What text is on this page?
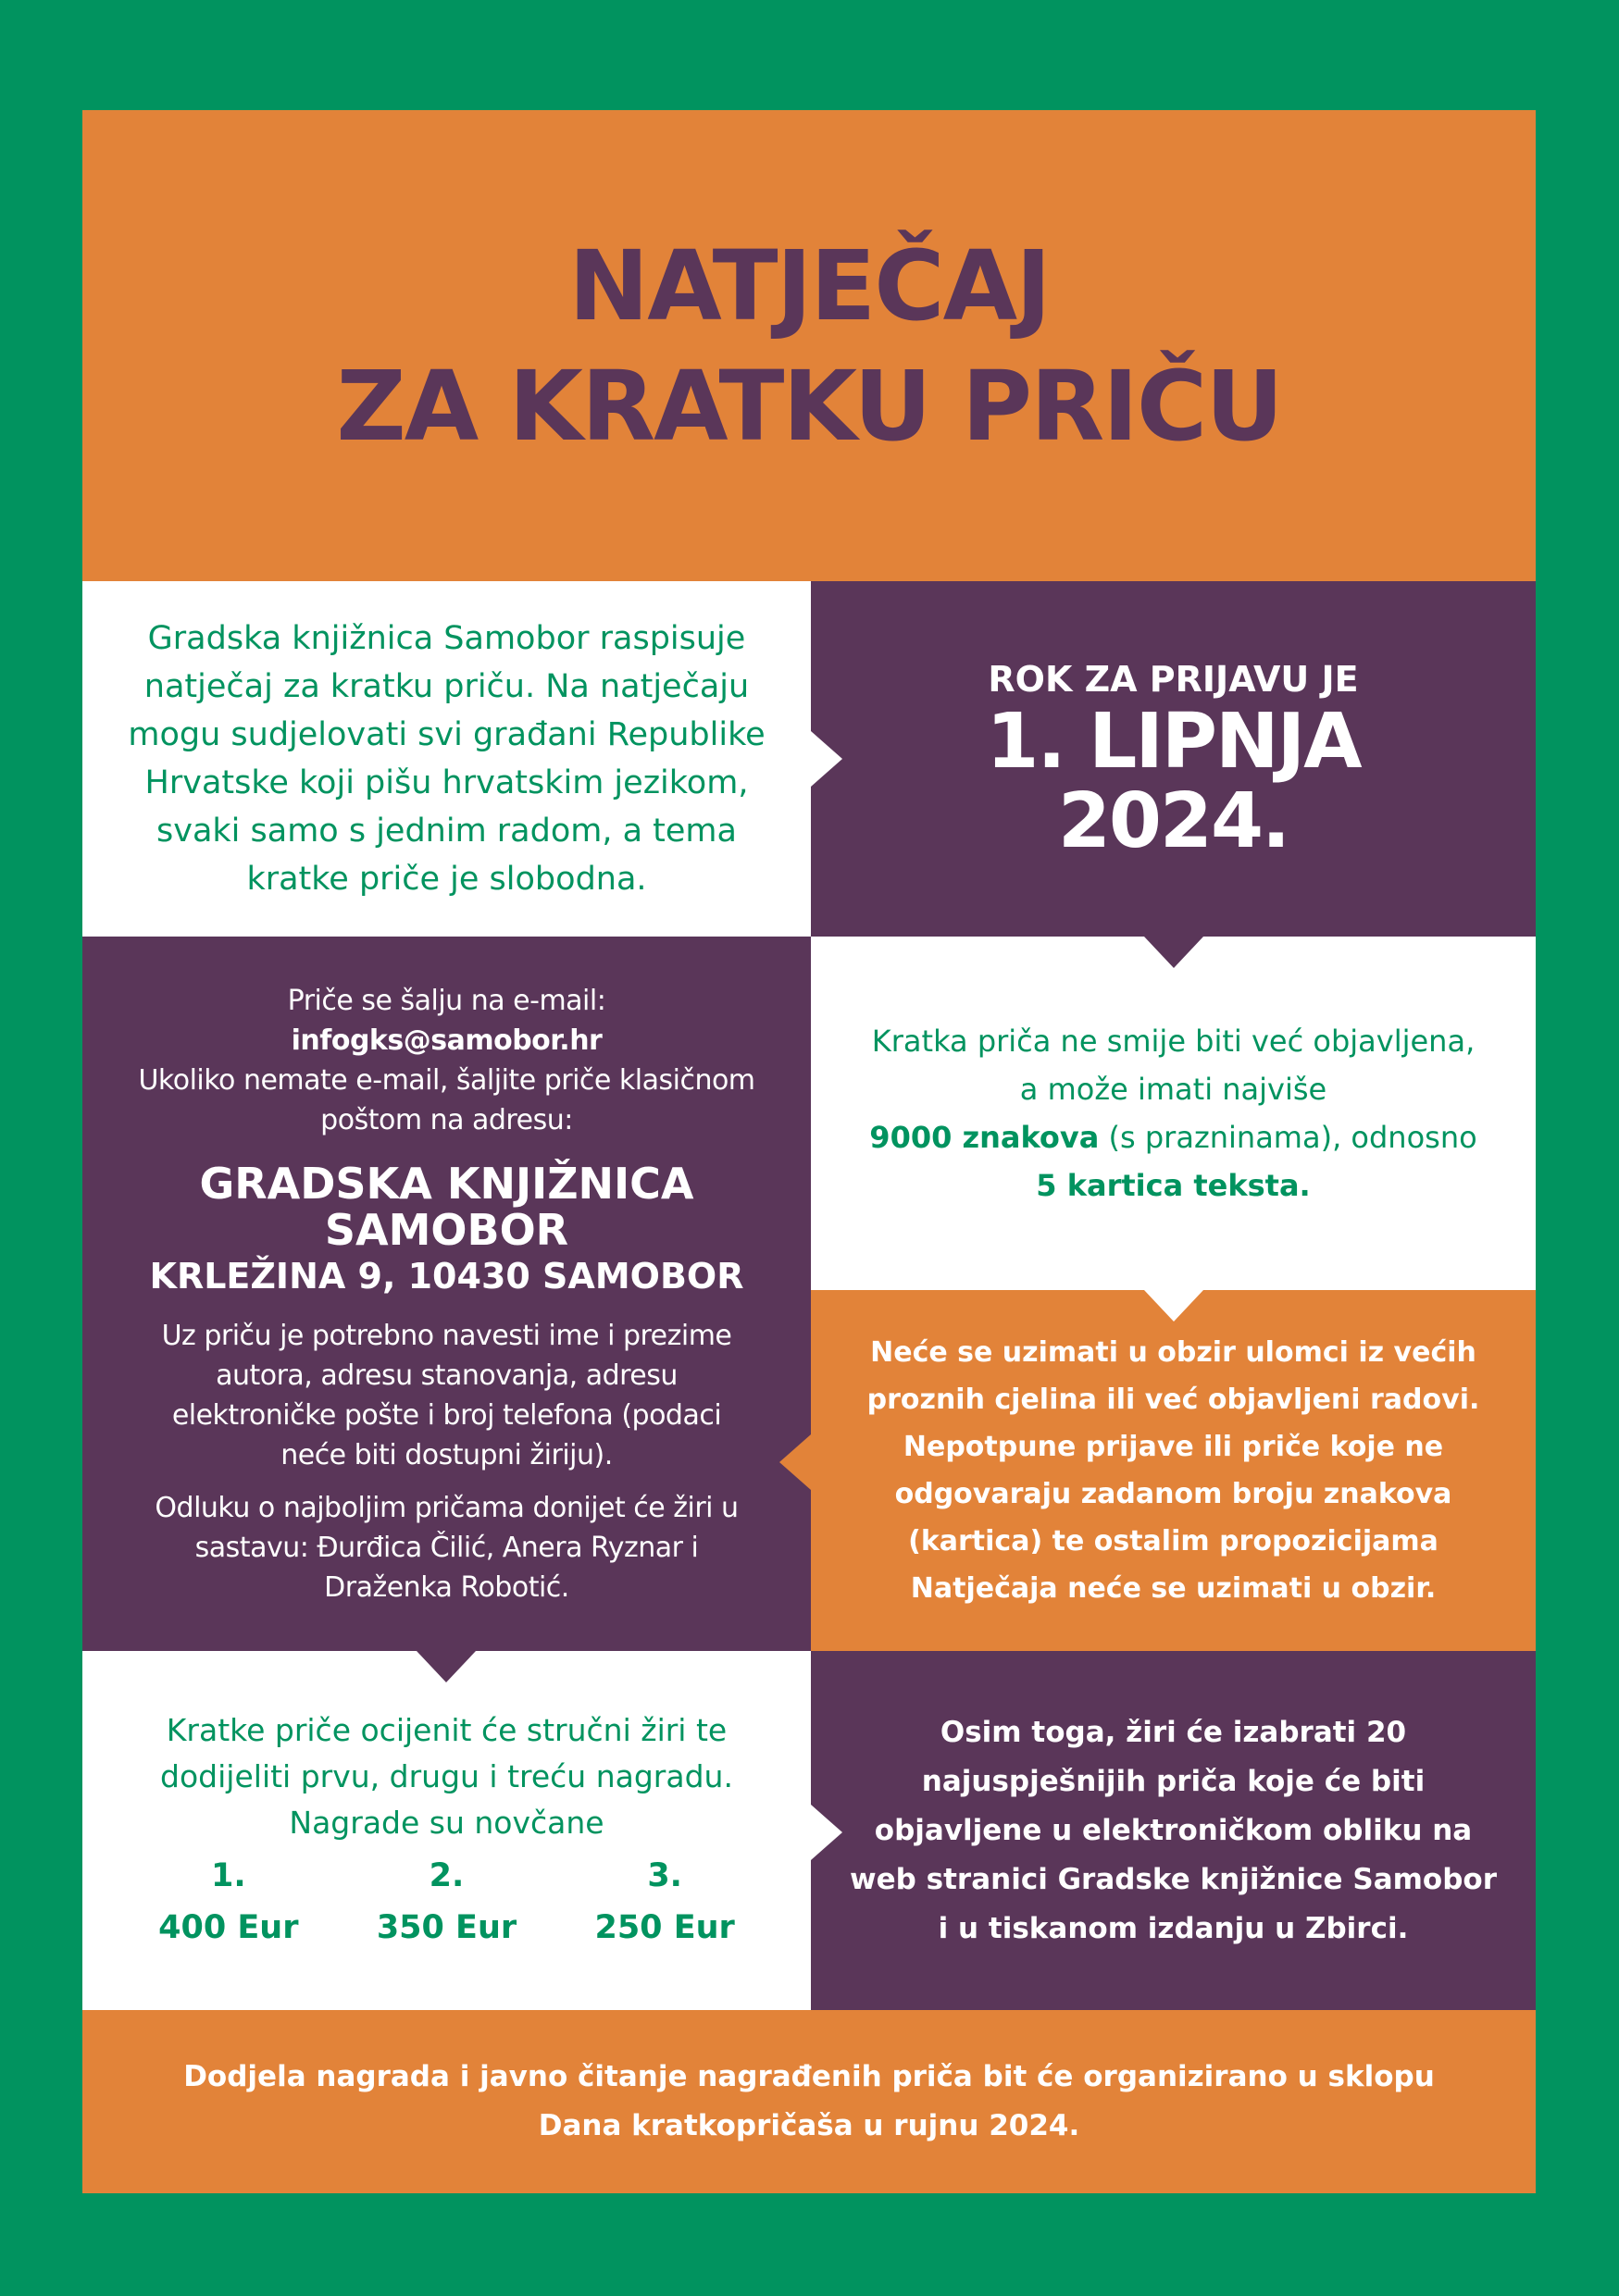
NATJEČAJ
ZA KRATKU PRIČU

Gradska knjižnica Samobor raspisuje natječaj za kratku priču. Na natječaju mogu sudjelovati svi građani Republike Hrvatske koji pišu hrvatskim jezikom, svaki samo s jednim radom, a tema kratke priče je slobodna.

ROK ZA PRIJAVU JE
1. LIPNJA
2024.

Priče se šalju na e-mail: infogks@samobor.hr

Ukoliko nemate e-mail, šaljite priče klasičnom poštom na adresu:

GRADSKA KNJIŽNICA
SAMOBOR
KRLEŽINA 9, 10430 SAMOBOR

Uz priču je potrebno navesti ime i prezime autora, adresu stanovanja, adresu elektroničke pošte i broj telefona (podaci neće biti dostupni žiriju).

Odluku o najboljim pričama donijet će žiri u sastavu: Đurđica Čilić, Anera Ryznar i Draženka Robotić.

Kratka priča ne smije biti već objavljena,

a može imati najviše

9000 znakova (s prazninama), odnosno

5 kartica teksta.

Neće se uzimati u obzir ulomci iz većih proznih cjelina ili već objavljeni radovi. Nepotpune prijave ili priče koje ne odgovaraju zadanom broju znakova (kartica) te ostalim propozicijama Natječaja neće se uzimati u obzir.

Kratke priče ocijenit će stručni žiri te dodijeliti prvu, drugu i treću nagradu.

Nagrade su novčane

1.
400 Eur
2.
350 Eur
3.
250 Eur

Osim toga, žiri će izabrati 20 najuspješnijih priča koje će biti objavljene u elektroničkom obliku na web stranici Gradske knjižnice Samobor i u tiskanom izdanju u Zbirci.

Dodjela nagrada i javno čitanje nagrađenih priča bit će organizirano u sklopu Dana kratkopričaša u rujnu 2024.
